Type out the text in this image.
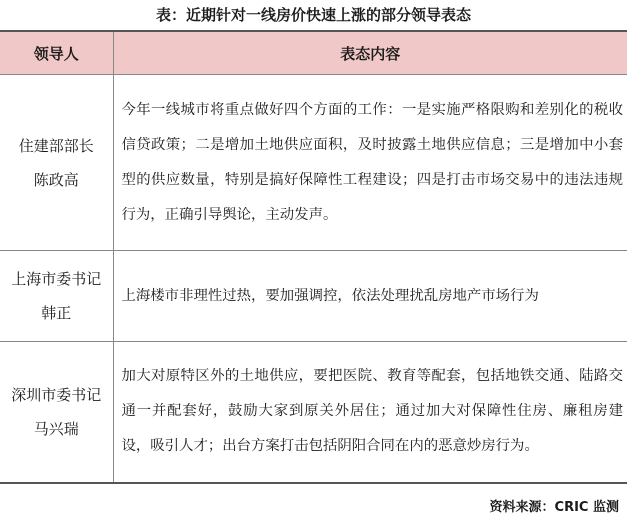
表：近期针对一线房价快速上涨的部分领导表态
领导人	表态内容

住建部部长
陈政高	今年一线城市将重点做好四个方面的工作：一是实施严格限购和差别化的税收信贷政策；二是增加土地供应面积，及时披露土地供应信息；三是增加中小套型的供应数量，特别是搞好保障性工程建设；四是打击市场交易中的违法违规行为，正确引导舆论，主动发声。

上海市委书记
韩正	上海楼市非理性过热，要加强调控，依法处理扰乱房地产市场行为

深圳市委书记
马兴瑞	加大对原特区外的土地供应，要把医院、教育等配套，包括地铁交通、陆路交通一并配套好，鼓励大家到原关外居住；通过加大对保障性住房、廉租房建设，吸引人才；出台方案打击包括阴阳合同在内的恶意炒房行为。
资料来源：CRIC 监测
